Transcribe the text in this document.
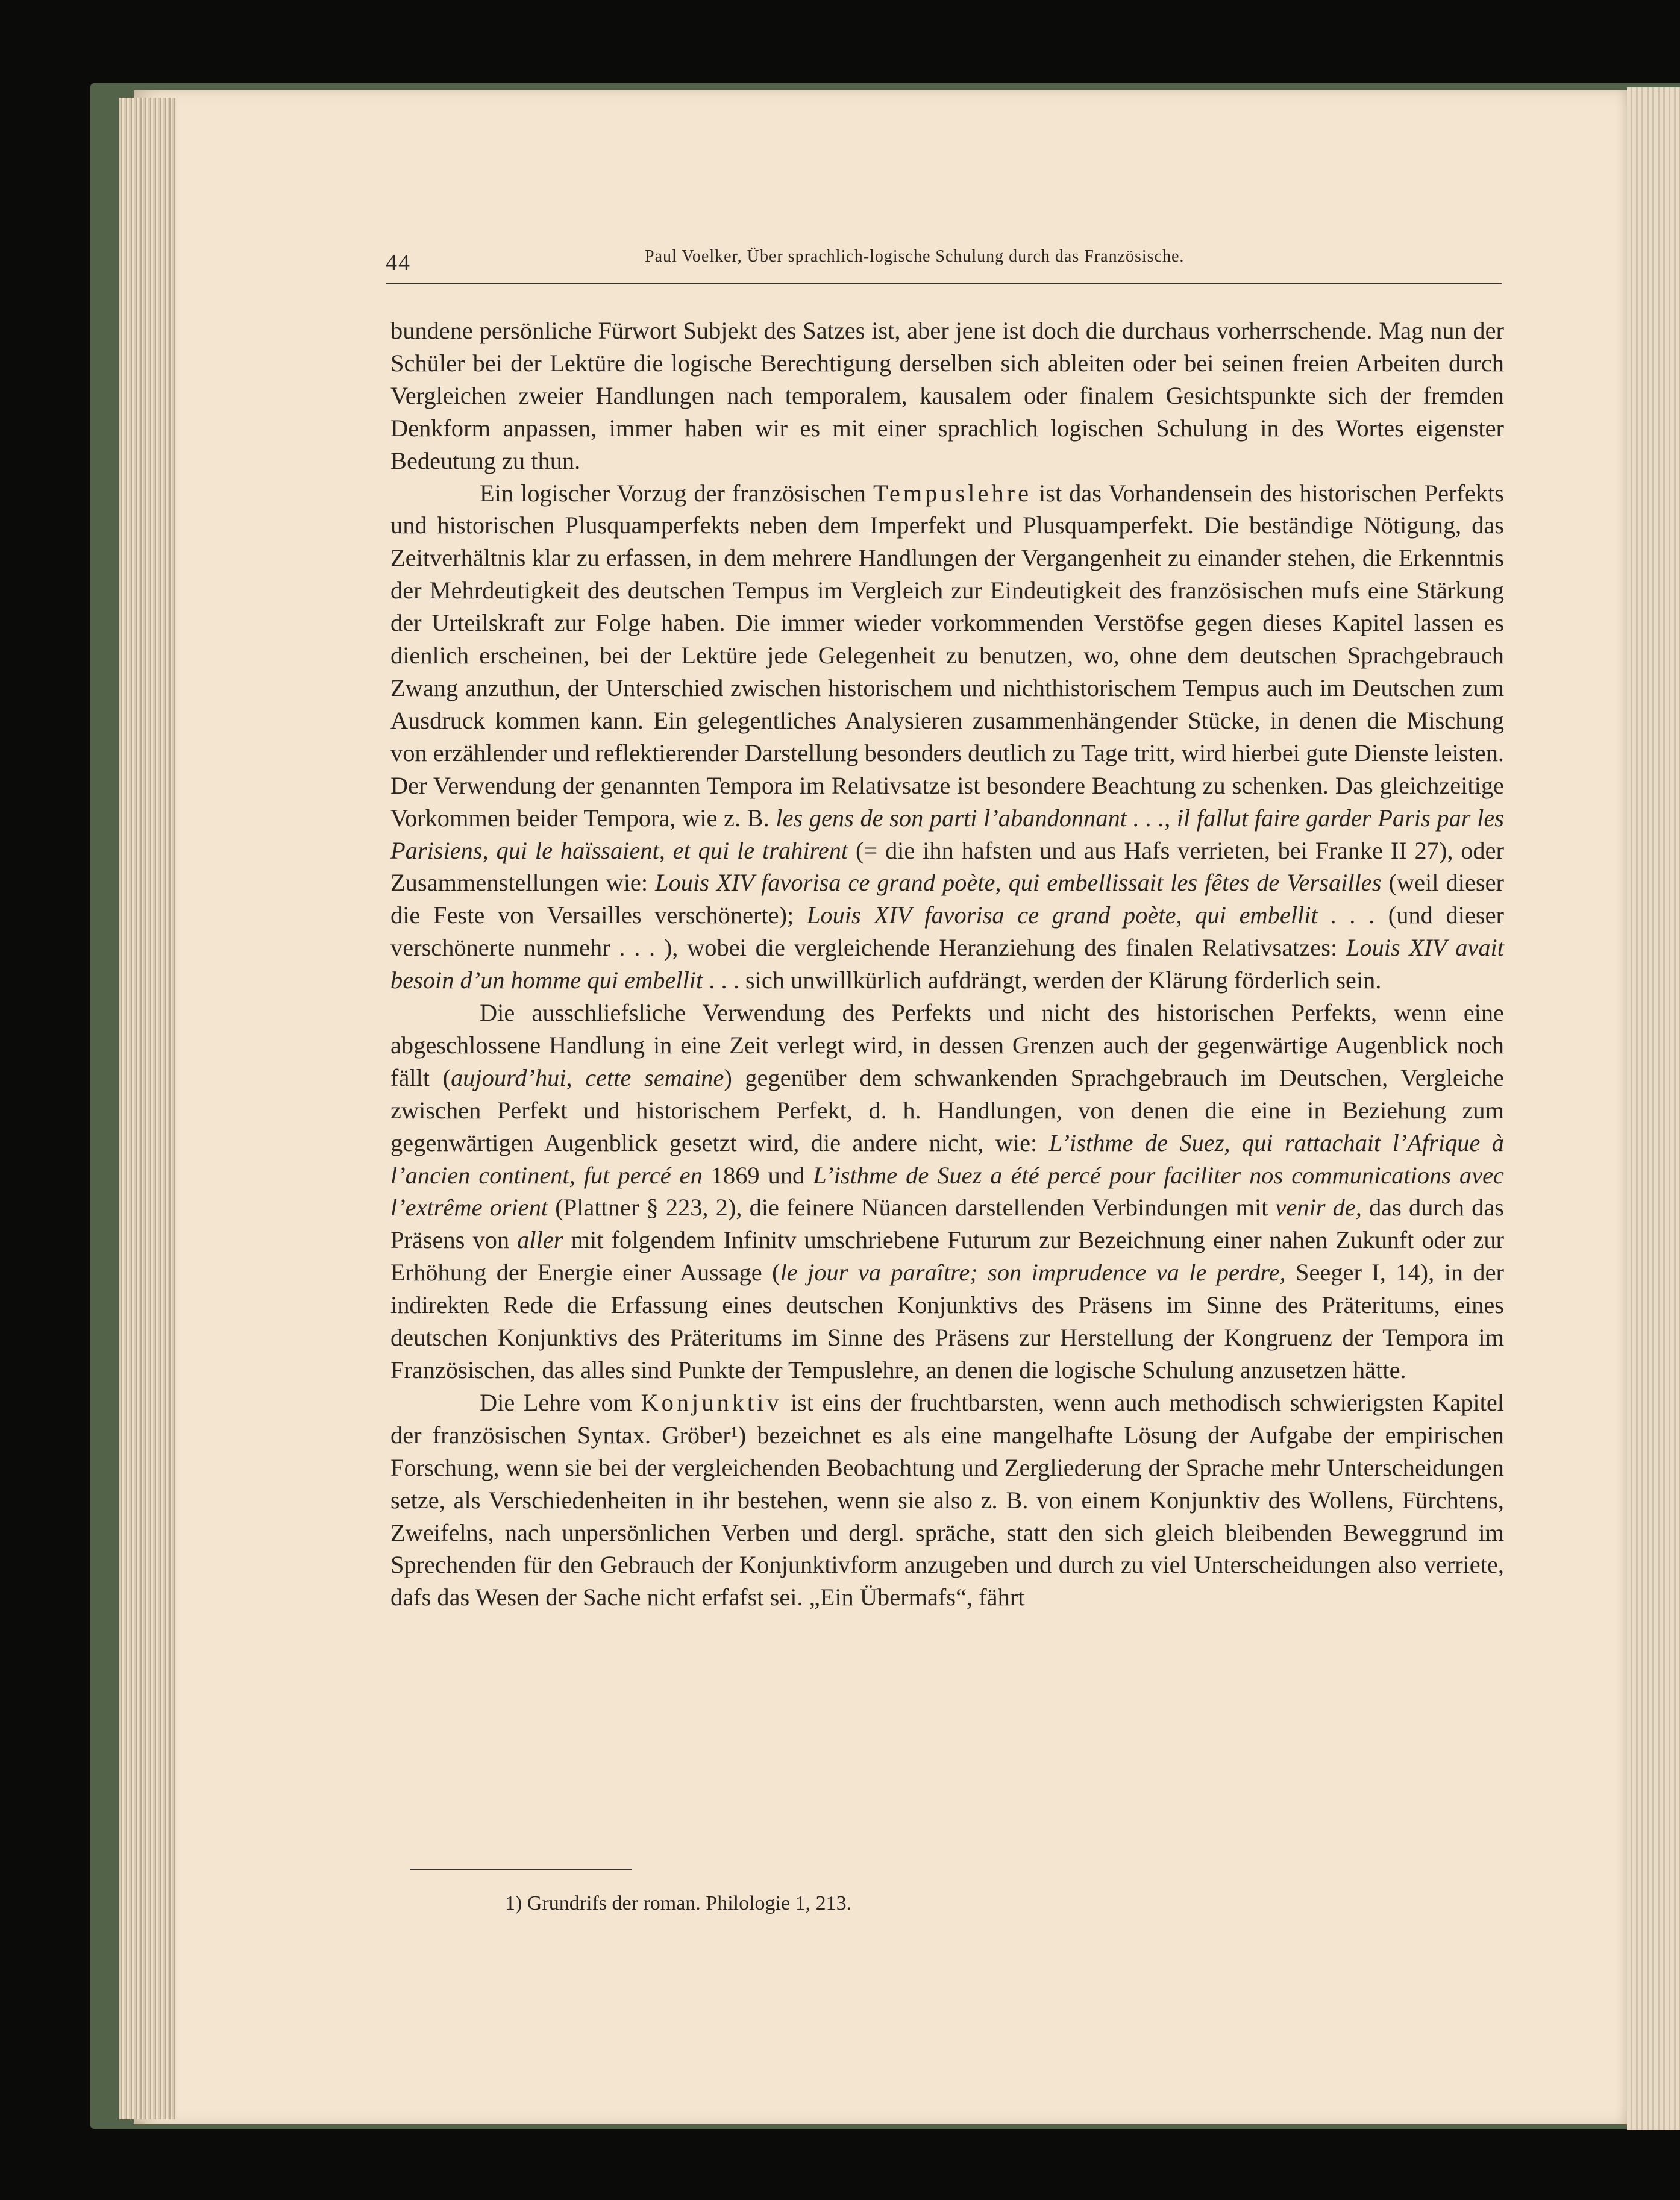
44	Paul Voelker, Über sprachlich-logische Schulung durch das Französische.

bundene persönliche Fürwort Subjekt des Satzes ist, aber jene ist doch die durchaus vorherrschende. Mag nun der Schüler bei der Lektüre die logische Berechtigung derselben sich ableiten oder bei seinen freien Arbeiten durch Vergleichen zweier Handlungen nach temporalem, kausalem oder finalem Gesichtspunkte sich der fremden Denkform anpassen, immer haben wir es mit einer sprachlich logischen Schulung in des Wortes eigenster Bedeutung zu thun.

Ein logischer Vorzug der französischen Tempuslehre ist das Vorhandensein des historischen Perfekts und historischen Plusquamperfekts neben dem Imperfekt und Plusquamperfekt. Die beständige Nötigung, das Zeitverhältnis klar zu erfassen, in dem mehrere Handlungen der Vergangenheit zu einander stehen, die Erkenntnis der Mehrdeutigkeit des deutschen Tempus im Vergleich zur Eindeutigkeit des französischen mufs eine Stärkung der Urteilskraft zur Folge haben. Die immer wieder vorkommenden Verstöfse gegen dieses Kapitel lassen es dienlich erscheinen, bei der Lektüre jede Gelegenheit zu benutzen, wo, ohne dem deutschen Sprachgebrauch Zwang anzuthun, der Unterschied zwischen historischem und nichthistorischem Tempus auch im Deutschen zum Ausdruck kommen kann. Ein gelegentliches Analysieren zusammenhängender Stücke, in denen die Mischung von erzählender und reflektierender Darstellung besonders deutlich zu Tage tritt, wird hierbei gute Dienste leisten. Der Verwendung der genannten Tempora im Relativsatze ist besondere Beachtung zu schenken. Das gleichzeitige Vorkommen beider Tempora, wie z. B. les gens de son parti l’abandonnant . . ., il fallut faire garder Paris par les Parisiens, qui le haïssaient, et qui le trahirent (= die ihn hafsten und aus Hafs verrieten, bei Franke II 27), oder Zusammenstellungen wie: Louis XIV favorisa ce grand poète, qui embellissait les fêtes de Versailles (weil dieser die Feste von Versailles verschönerte); Louis XIV favorisa ce grand poète, qui embellit . . . (und dieser verschönerte nunmehr . . . ), wobei die vergleichende Heranziehung des finalen Relativsatzes: Louis XIV avait besoin d’un homme qui embellit . . . sich unwillkürlich aufdrängt, werden der Klärung förderlich sein.

Die ausschliefsliche Verwendung des Perfekts und nicht des historischen Perfekts, wenn eine abgeschlossene Handlung in eine Zeit verlegt wird, in dessen Grenzen auch der gegenwärtige Augenblick noch fällt (aujourd’hui, cette semaine) gegenüber dem schwankenden Sprachgebrauch im Deutschen, Vergleiche zwischen Perfekt und historischem Perfekt, d. h. Handlungen, von denen die eine in Beziehung zum gegenwärtigen Augenblick gesetzt wird, die andere nicht, wie: L’isthme de Suez, qui rattachait l’Afrique à l’ancien continent, fut percé en 1869 und L’isthme de Suez a été percé pour faciliter nos communications avec l’extrême orient (Plattner § 223, 2), die feinere Nüancen darstellenden Verbindungen mit venir de, das durch das Präsens von aller mit folgendem Infinitv umschriebene Futurum zur Bezeichnung einer nahen Zukunft oder zur Erhöhung der Energie einer Aussage (le jour va paraître; son imprudence va le perdre, Seeger I, 14), in der indirekten Rede die Erfassung eines deutschen Konjunktivs des Präsens im Sinne des Präteritums, eines deutschen Konjunktivs des Präteritums im Sinne des Präsens zur Herstellung der Kongruenz der Tempora im Französischen, das alles sind Punkte der Tempuslehre, an denen die logische Schulung anzusetzen hätte.

Die Lehre vom Konjunktiv ist eins der fruchtbarsten, wenn auch methodisch schwierigsten Kapitel der französischen Syntax. Gröber¹) bezeichnet es als eine mangelhafte Lösung der Aufgabe der empirischen Forschung, wenn sie bei der vergleichenden Beobachtung und Zergliederung der Sprache mehr Unterscheidungen setze, als Verschiedenheiten in ihr bestehen, wenn sie also z. B. von einem Konjunktiv des Wollens, Fürchtens, Zweifelns, nach unpersönlichen Verben und dergl. spräche, statt den sich gleich bleibenden Beweggrund im Sprechenden für den Gebrauch der Konjunktivform anzugeben und durch zu viel Unterscheidungen also verriete, dafs das Wesen der Sache nicht erfafst sei. „Ein Übermafs“, fährt

1) Grundrifs der roman. Philologie 1, 213.
